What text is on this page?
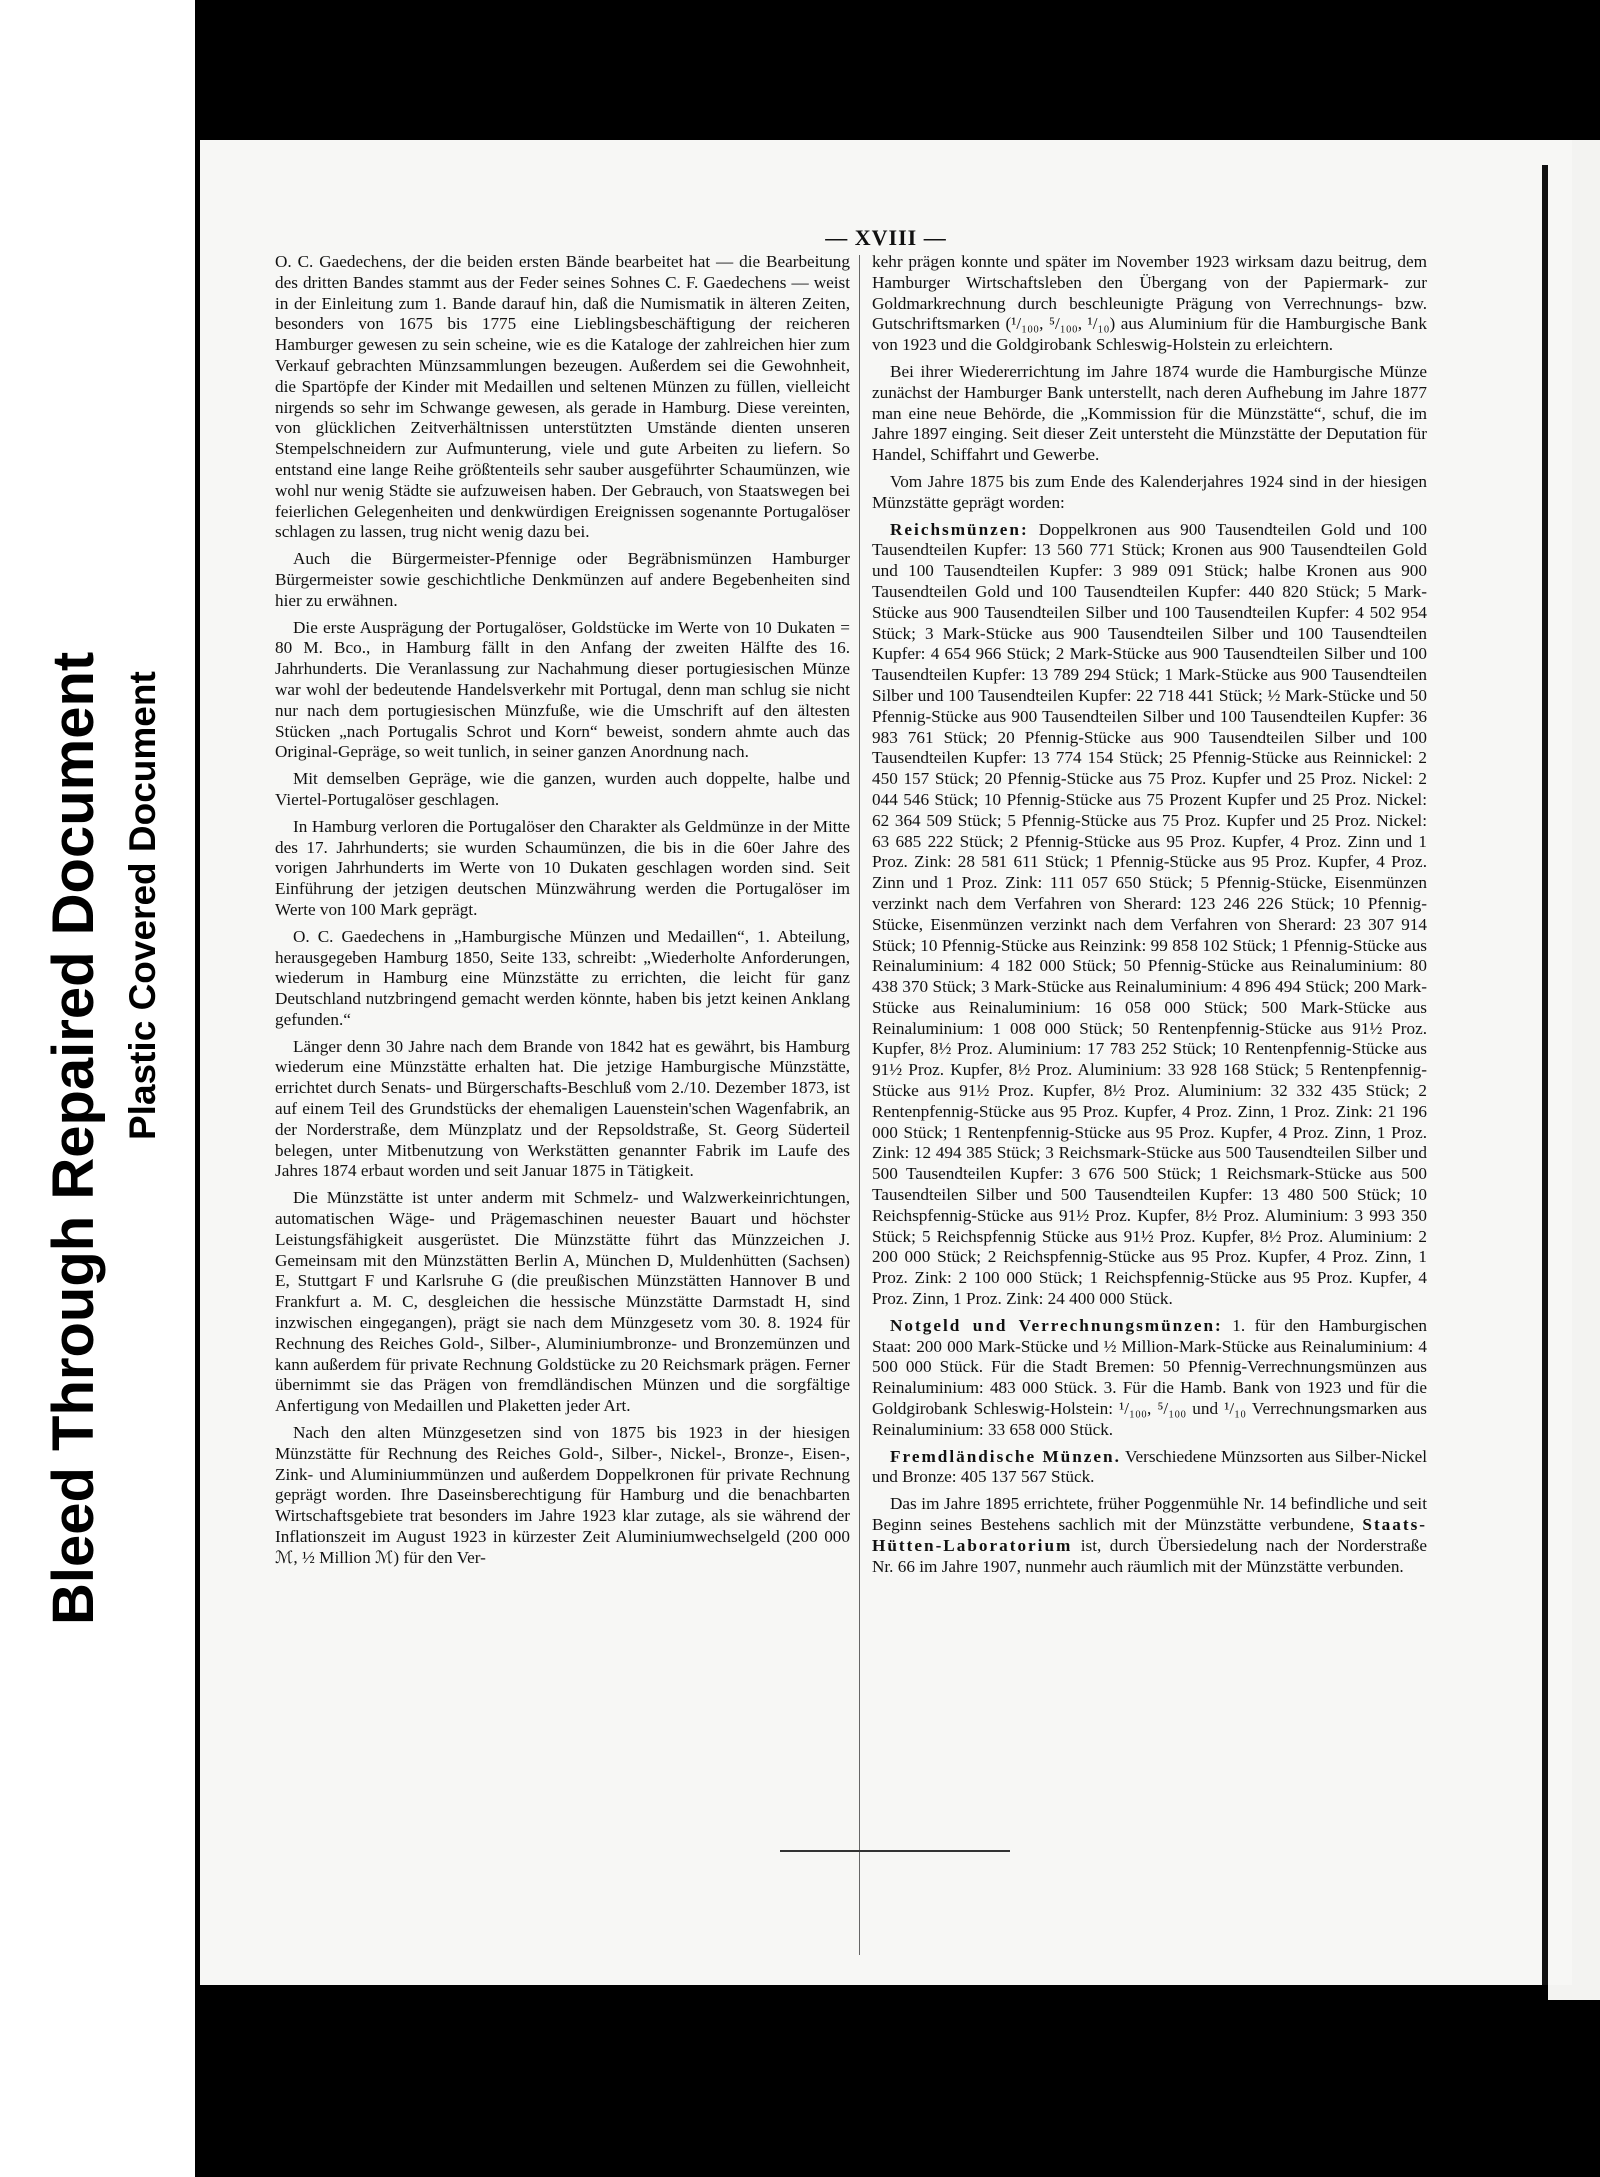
Bleed Through Repaired Document Plastic Covered Document
— XVIII —

O. C. Gaedechens, der die beiden ersten Bände bearbeitet hat — die Bearbeitung des dritten Bandes stammt aus der Feder seines Sohnes C. F. Gaedechens — weist in der Einleitung zum 1. Bande darauf hin, daß die Numismatik in älteren Zeiten, besonders von 1675 bis 1775 eine Lieblingsbeschäftigung der reicheren Hamburger gewesen zu sein scheine, wie es die Kataloge der zahlreichen hier zum Verkauf gebrachten Münzsammlungen bezeugen. Außerdem sei die Gewohnheit, die Spartöpfe der Kinder mit Medaillen und seltenen Münzen zu füllen, vielleicht nirgends so sehr im Schwange gewesen, als gerade in Hamburg. Diese vereinten, von glücklichen Zeitverhältnissen unterstützten Umstände dienten unseren Stempelschneidern zur Aufmunterung, viele und gute Arbeiten zu liefern. So entstand eine lange Reihe größtenteils sehr sauber ausgeführter Schaumünzen, wie wohl nur wenig Städte sie aufzuweisen haben. Der Gebrauch, von Staatswegen bei feierlichen Gelegenheiten und denkwürdigen Ereignissen sogenannte Portugalöser schlagen zu lassen, trug nicht wenig dazu bei.

Auch die Bürgermeister-Pfennige oder Begräbnismünzen Hamburger Bürgermeister sowie geschichtliche Denkmünzen auf andere Begebenheiten sind hier zu erwähnen.

Die erste Ausprägung der Portugalöser, Goldstücke im Werte von 10 Dukaten = 80 M. Bco., in Hamburg fällt in den Anfang der zweiten Hälfte des 16. Jahrhunderts. Die Veranlassung zur Nachahmung dieser portugiesischen Münze war wohl der bedeutende Handelsverkehr mit Portugal, denn man schlug sie nicht nur nach dem portugiesischen Münzfuße, wie die Umschrift auf den ältesten Stücken „nach Portugalis Schrot und Korn“ beweist, sondern ahmte auch das Original-Gepräge, so weit tunlich, in seiner ganzen Anordnung nach.

Mit demselben Gepräge, wie die ganzen, wurden auch doppelte, halbe und Viertel-Portugalöser geschlagen.

In Hamburg verloren die Portugalöser den Charakter als Geldmünze in der Mitte des 17. Jahrhunderts; sie wurden Schaumünzen, die bis in die 60er Jahre des vorigen Jahrhunderts im Werte von 10 Dukaten geschlagen worden sind. Seit Einführung der jetzigen deutschen Münzwährung werden die Portugalöser im Werte von 100 Mark geprägt.

O. C. Gaedechens in „Hamburgische Münzen und Medaillen“, 1. Abteilung, herausgegeben Hamburg 1850, Seite 133, schreibt: „Wiederholte Anforderungen, wiederum in Hamburg eine Münzstätte zu errichten, die leicht für ganz Deutschland nutzbringend gemacht werden könnte, haben bis jetzt keinen Anklang gefunden.“

Länger denn 30 Jahre nach dem Brande von 1842 hat es gewährt, bis Hamburg wiederum eine Münzstätte erhalten hat. Die jetzige Hamburgische Münzstätte, errichtet durch Senats- und Bürgerschafts-Beschluß vom 2./10. Dezember 1873, ist auf einem Teil des Grundstücks der ehemaligen Lauenstein'schen Wagenfabrik, an der Norderstraße, dem Münzplatz und der Repsoldstraße, St. Georg Süderteil belegen, unter Mitbenutzung von Werkstätten genannter Fabrik im Laufe des Jahres 1874 erbaut worden und seit Januar 1875 in Tätigkeit.

Die Münzstätte ist unter anderm mit Schmelz- und Walzwerkeinrichtungen, automatischen Wäge- und Prägemaschinen neuester Bauart und höchster Leistungsfähigkeit ausgerüstet. Die Münzstätte führt das Münzzeichen J. Gemeinsam mit den Münzstätten Berlin A, München D, Muldenhütten (Sachsen) E, Stuttgart F und Karlsruhe G (die preußischen Münzstätten Hannover B und Frankfurt a. M. C, desgleichen die hessische Münzstätte Darmstadt H, sind inzwischen eingegangen), prägt sie nach dem Münzgesetz vom 30. 8. 1924 für Rechnung des Reiches Gold-, Silber-, Aluminiumbronze- und Bronzemünzen und kann außerdem für private Rechnung Goldstücke zu 20 Reichsmark prägen. Ferner übernimmt sie das Prägen von fremdländischen Münzen und die sorgfältige Anfertigung von Medaillen und Plaketten jeder Art.

Nach den alten Münzgesetzen sind von 1875 bis 1923 in der hiesigen Münzstätte für Rechnung des Reiches Gold-, Silber-, Nickel-, Bronze-, Eisen-, Zink- und Aluminiummünzen und außerdem Doppelkronen für private Rechnung geprägt worden. Ihre Daseinsberechtigung für Hamburg und die benachbarten Wirtschaftsgebiete trat besonders im Jahre 1923 klar zutage, als sie während der Inflationszeit im August 1923 in kürzester Zeit Aluminiumwechselgeld (200 000 ℳ, ½ Million ℳ) für den Ver-

kehr prägen konnte und später im November 1923 wirksam dazu beitrug, dem Hamburger Wirtschaftsleben den Übergang von der Papiermark- zur Goldmarkrechnung durch beschleunigte Prägung von Verrechnungs- bzw. Gutschriftsmarken (¹/₁₀₀, ⁵/₁₀₀, ¹/₁₀) aus Aluminium für die Hamburgische Bank von 1923 und die Goldgirobank Schleswig-Holstein zu erleichtern.

Bei ihrer Wiedererrichtung im Jahre 1874 wurde die Hamburgische Münze zunächst der Hamburger Bank unterstellt, nach deren Aufhebung im Jahre 1877 man eine neue Behörde, die „Kommission für die Münzstätte“, schuf, die im Jahre 1897 einging. Seit dieser Zeit untersteht die Münzstätte der Deputation für Handel, Schiffahrt und Gewerbe.

Vom Jahre 1875 bis zum Ende des Kalenderjahres 1924 sind in der hiesigen Münzstätte geprägt worden:

Reichsmünzen: Doppelkronen aus 900 Tausendteilen Gold und 100 Tausendteilen Kupfer: 13 560 771 Stück; Kronen aus 900 Tausendteilen Gold und 100 Tausendteilen Kupfer: 3 989 091 Stück; halbe Kronen aus 900 Tausendteilen Gold und 100 Tausendteilen Kupfer: 440 820 Stück; 5 Mark-Stücke aus 900 Tausendteilen Silber und 100 Tausendteilen Kupfer: 4 502 954 Stück; 3 Mark-Stücke aus 900 Tausendteilen Silber und 100 Tausendteilen Kupfer: 4 654 966 Stück; 2 Mark-Stücke aus 900 Tausendteilen Silber und 100 Tausendteilen Kupfer: 13 789 294 Stück; 1 Mark-Stücke aus 900 Tausendteilen Silber und 100 Tausendteilen Kupfer: 22 718 441 Stück; ½ Mark-Stücke und 50 Pfennig-Stücke aus 900 Tausendteilen Silber und 100 Tausendteilen Kupfer: 36 983 761 Stück; 20 Pfennig-Stücke aus 900 Tausendteilen Silber und 100 Tausendteilen Kupfer: 13 774 154 Stück; 25 Pfennig-Stücke aus Reinnickel: 2 450 157 Stück; 20 Pfennig-Stücke aus 75 Proz. Kupfer und 25 Proz. Nickel: 2 044 546 Stück; 10 Pfennig-Stücke aus 75 Prozent Kupfer und 25 Proz. Nickel: 62 364 509 Stück; 5 Pfennig-Stücke aus 75 Proz. Kupfer und 25 Proz. Nickel: 63 685 222 Stück; 2 Pfennig-Stücke aus 95 Proz. Kupfer, 4 Proz. Zinn und 1 Proz. Zink: 28 581 611 Stück; 1 Pfennig-Stücke aus 95 Proz. Kupfer, 4 Proz. Zinn und 1 Proz. Zink: 111 057 650 Stück; 5 Pfennig-Stücke, Eisenmünzen verzinkt nach dem Verfahren von Sherard: 123 246 226 Stück; 10 Pfennig-Stücke, Eisenmünzen verzinkt nach dem Verfahren von Sherard: 23 307 914 Stück; 10 Pfennig-Stücke aus Reinzink: 99 858 102 Stück; 1 Pfennig-Stücke aus Reinaluminium: 4 182 000 Stück; 50 Pfennig-Stücke aus Reinaluminium: 80 438 370 Stück; 3 Mark-Stücke aus Reinaluminium: 4 896 494 Stück; 200 Mark-Stücke aus Reinaluminium: 16 058 000 Stück; 500 Mark-Stücke aus Reinaluminium: 1 008 000 Stück; 50 Rentenpfennig-Stücke aus 91½ Proz. Kupfer, 8½ Proz. Aluminium: 17 783 252 Stück; 10 Rentenpfennig-Stücke aus 91½ Proz. Kupfer, 8½ Proz. Aluminium: 33 928 168 Stück; 5 Rentenpfennig-Stücke aus 91½ Proz. Kupfer, 8½ Proz. Aluminium: 32 332 435 Stück; 2 Rentenpfennig-Stücke aus 95 Proz. Kupfer, 4 Proz. Zinn, 1 Proz. Zink: 21 196 000 Stück; 1 Rentenpfennig-Stücke aus 95 Proz. Kupfer, 4 Proz. Zinn, 1 Proz. Zink: 12 494 385 Stück; 3 Reichsmark-Stücke aus 500 Tausendteilen Silber und 500 Tausendteilen Kupfer: 3 676 500 Stück; 1 Reichsmark-Stücke aus 500 Tausendteilen Silber und 500 Tausendteilen Kupfer: 13 480 500 Stück; 10 Reichspfennig-Stücke aus 91½ Proz. Kupfer, 8½ Proz. Aluminium: 3 993 350 Stück; 5 Reichspfennig Stücke aus 91½ Proz. Kupfer, 8½ Proz. Aluminium: 2 200 000 Stück; 2 Reichspfennig-Stücke aus 95 Proz. Kupfer, 4 Proz. Zinn, 1 Proz. Zink: 2 100 000 Stück; 1 Reichspfennig-Stücke aus 95 Proz. Kupfer, 4 Proz. Zinn, 1 Proz. Zink: 24 400 000 Stück.

Notgeld und Verrechnungsmünzen: 1. für den Hamburgischen Staat: 200 000 Mark-Stücke und ½ Million-Mark-Stücke aus Reinaluminium: 4 500 000 Stück. Für die Stadt Bremen: 50 Pfennig-Verrechnungsmünzen aus Reinaluminium: 483 000 Stück. 3. Für die Hamb. Bank von 1923 und für die Goldgirobank Schleswig-Holstein: ¹/₁₀₀, ⁵/₁₀₀ und ¹/₁₀ Verrechnungsmarken aus Reinaluminium: 33 658 000 Stück.

Fremdländische Münzen. Verschiedene Münzsorten aus Silber-Nickel und Bronze: 405 137 567 Stück.

Das im Jahre 1895 errichtete, früher Poggenmühle Nr. 14 befindliche und seit Beginn seines Bestehens sachlich mit der Münzstätte verbundene, Staats-Hütten-Laboratorium ist, durch Übersiedelung nach der Norderstraße Nr. 66 im Jahre 1907, nunmehr auch räumlich mit der Münzstätte verbunden.
